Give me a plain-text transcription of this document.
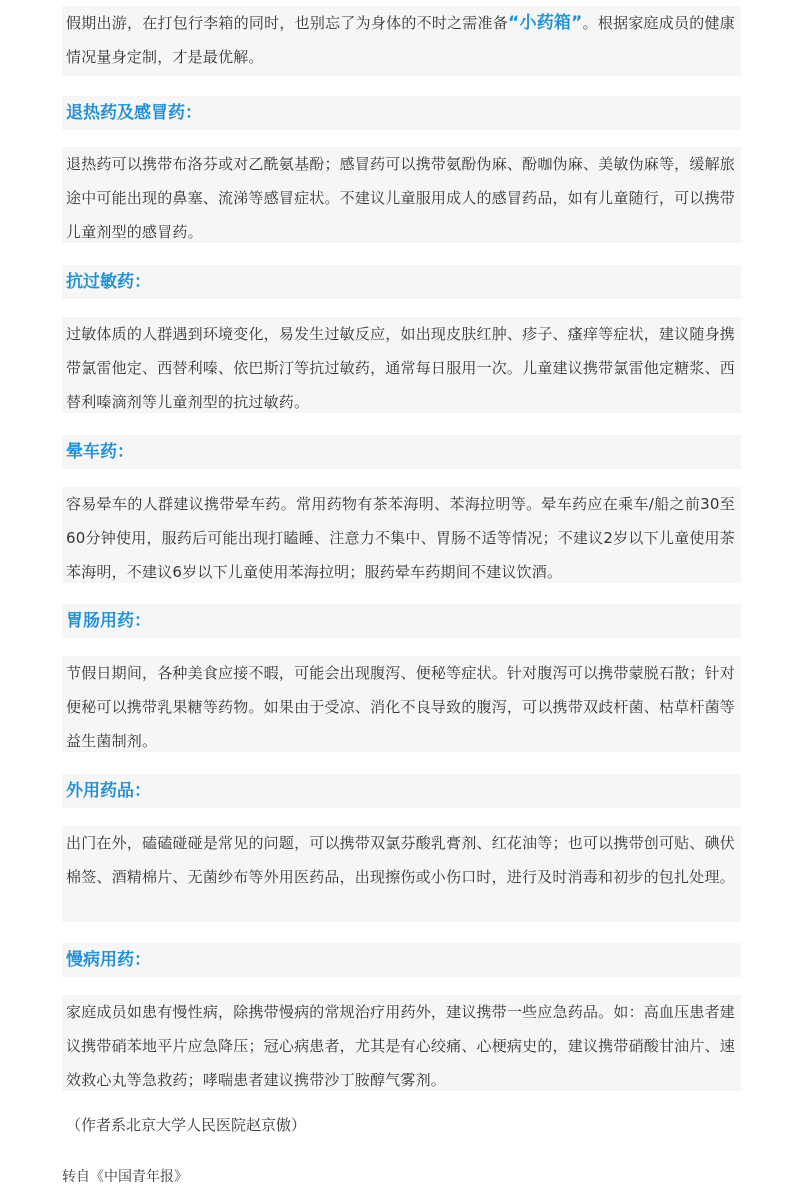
假期出游，在打包行李箱的同时，也别忘了为身体的不时之需准备“小药箱”。根据家庭成员的健康情况量身定制，才是最优解。
退热药及感冒药：
退热药可以携带布洛芬或对乙酰氨基酚；感冒药可以携带氨酚伪麻、酚咖伪麻、美敏伪麻等，缓解旅途中可能出现的鼻塞、流涕等感冒症状。不建议儿童服用成人的感冒药品，如有儿童随行，可以携带儿童剂型的感冒药。
抗过敏药：
过敏体质的人群遇到环境变化，易发生过敏反应，如出现皮肤红肿、疹子、瘙痒等症状，建议随身携带氯雷他定、西替利嗪、依巴斯汀等抗过敏药，通常每日服用一次。儿童建议携带氯雷他定糖浆、西替利嗪滴剂等儿童剂型的抗过敏药。
晕车药：
容易晕车的人群建议携带晕车药。常用药物有茶苯海明、苯海拉明等。晕车药应在乘车/船之前30至60分钟使用，服药后可能出现打瞌睡、注意力不集中、胃肠不适等情况；不建议2岁以下儿童使用茶苯海明，不建议6岁以下儿童使用苯海拉明；服药晕车药期间不建议饮酒。
胃肠用药：
节假日期间，各种美食应接不暇，可能会出现腹泻、便秘等症状。针对腹泻可以携带蒙脱石散；针对便秘可以携带乳果糖等药物。如果由于受凉、消化不良导致的腹泻，可以携带双歧杆菌、枯草杆菌等益生菌制剂。
外用药品：
出门在外，磕磕碰碰是常见的问题，可以携带双氯芬酸乳膏剂、红花油等；也可以携带创可贴、碘伏棉签、酒精棉片、无菌纱布等外用医药品，出现擦伤或小伤口时，进行及时消毒和初步的包扎处理。
慢病用药：
家庭成员如患有慢性病，除携带慢病的常规治疗用药外，建议携带一些应急药品。如：高血压患者建议携带硝苯地平片应急降压；冠心病患者，尤其是有心绞痛、心梗病史的，建议携带硝酸甘油片、速效救心丸等急救药；哮喘患者建议携带沙丁胺醇气雾剂。
（作者系北京大学人民医院赵京傲）
转自《中国青年报》
